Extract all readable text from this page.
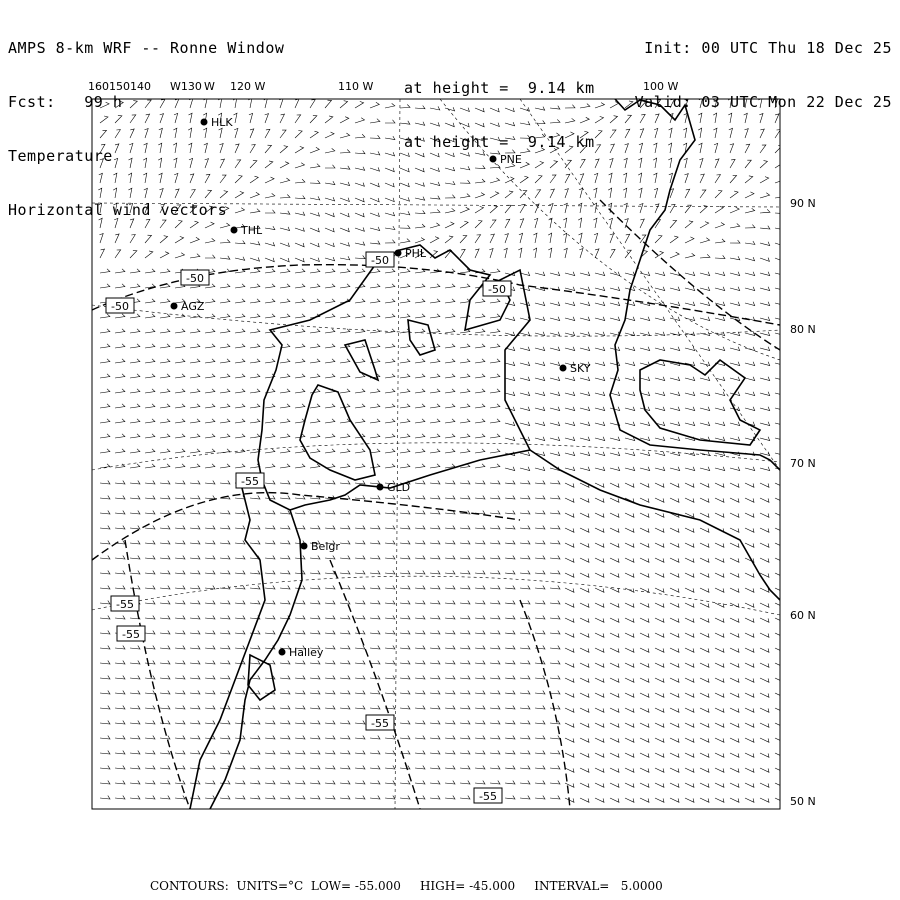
AMPS 8-km WRF -- Ronne Window

Fcst:   99 h

Temperature

Horizontal wind vectors

at height =  9.14 km

at height =  9.14 km

Init: 00 UTC Thu 18 Dec 25

Valid: 03 UTC Mon 22 Dec 25

-50
-50
-50
-50
-55
-55
-55
-55
-55
HLK
PNE
THL
PHL
AGZ
SKY
GLD
Belgr
Halley
160150140 W130 W 120 W	110 W	100 W
90 N
80 N
70 N
60 N
50 N
CONTOURS:  UNITS=°C  LOW= -55.000     HIGH= -45.000     INTERVAL=   5.0000
